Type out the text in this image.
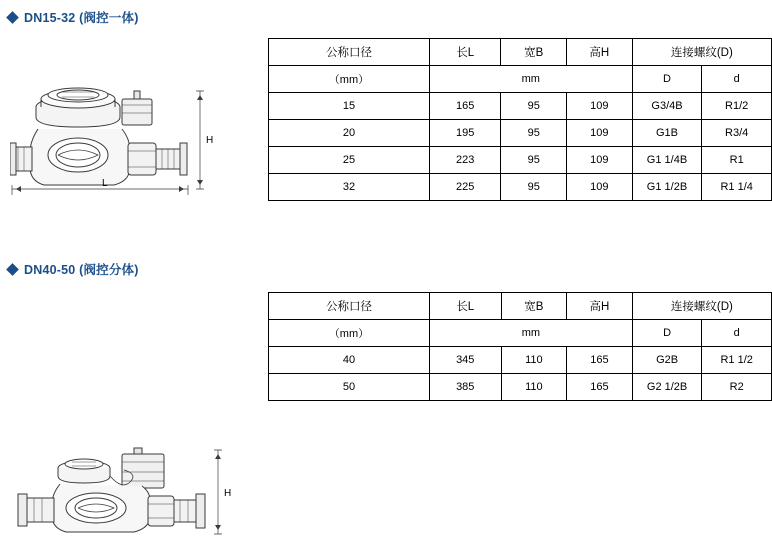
DN15-32 (阀控一体)
H
L
公称口径	长L	宽B	高H	连接螺纹(D)	
（mm）	mm			D	d
15	165	95	109	G3/4B	R1/2
20	195	95	109	G1B	R3/4
25	223	95	109	G1 1/4B	R1
32	225	95	109	G1 1/2B	R1 1/4
DN40-50 (阀控分体)
H
公称口径	长L	宽B	高H	连接螺纹(D)	
（mm）	mm			D	d
40	345	110	165	G2B	R1 1/2
50	385	110	165	G2 1/2B	R2
